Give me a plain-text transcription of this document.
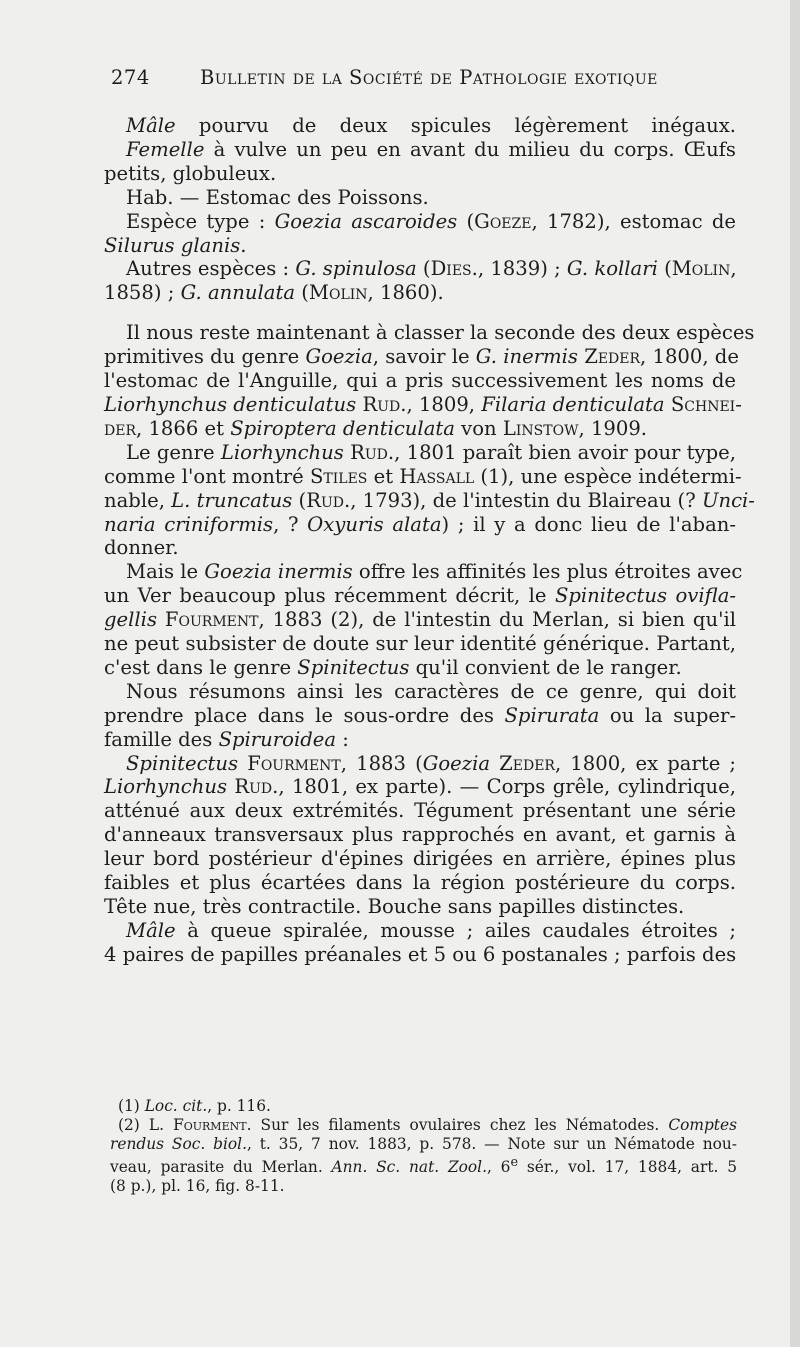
274	Bulletin de la Société de Pathologie exotique
Mâle pourvu de deux spicules légèrement inégaux.
Femelle à vulve un peu en avant du milieu du corps. Œufs
petits, globuleux.
Hab. — Estomac des Poissons.
Espèce type : Goezia ascaroides (Goeze, 1782), estomac de
Silurus glanis.
Autres espèces : G. spinulosa (Dies., 1839) ; G. kollari (Molin,
1858) ; G. annulata (Molin, 1860).
Il nous reste maintenant à classer la seconde des deux espèces
primitives du genre Goezia, savoir le G. inermis Zeder, 1800, de
l'estomac de l'Anguille, qui a pris successivement les noms de
Liorhynchus denticulatus Rud., 1809, Filaria denticulata Schnei-
der, 1866 et Spiroptera denticulata von Linstow, 1909.
Le genre Liorhynchus Rud., 1801 paraît bien avoir pour type,
comme l'ont montré Stiles et Hassall (1), une espèce indétermi-
nable, L. truncatus (Rud., 1793), de l'intestin du Blaireau (? Unci-
naria criniformis, ? Oxyuris alata) ; il y a donc lieu de l'aban-
donner.
Mais le Goezia inermis offre les affinités les plus étroites avec
un Ver beaucoup plus récemment décrit, le Spinitectus ovifla-
gellis Fourment, 1883 (2), de l'intestin du Merlan, si bien qu'il
ne peut subsister de doute sur leur identité générique. Partant,
c'est dans le genre Spinitectus qu'il convient de le ranger.
Nous résumons ainsi les caractères de ce genre, qui doit
prendre place dans le sous-ordre des Spirurata ou la super-
famille des Spiruroidea :
Spinitectus Fourment, 1883 (Goezia Zeder, 1800, ex parte ;
Liorhynchus Rud., 1801, ex parte). — Corps grêle, cylindrique,
atténué aux deux extrémités. Tégument présentant une série
d'anneaux transversaux plus rapprochés en avant, et garnis à
leur bord postérieur d'épines dirigées en arrière, épines plus
faibles et plus écartées dans la région postérieure du corps.
Tête nue, très contractile. Bouche sans papilles distinctes.
Mâle à queue spiralée, mousse ; ailes caudales étroites ;
4 paires de papilles préanales et 5 ou 6 postanales ; parfois des
(1) Loc. cit., p. 116.
(2) L. Fourment. Sur les filaments ovulaires chez les Nématodes. Comptes
rendus Soc. biol., t. 35, 7 nov. 1883, p. 578. — Note sur un Nématode nou-
veau, parasite du Merlan. Ann. Sc. nat. Zool., 6e sér., vol. 17, 1884, art. 5
(8 p.), pl. 16, fig. 8-11.
